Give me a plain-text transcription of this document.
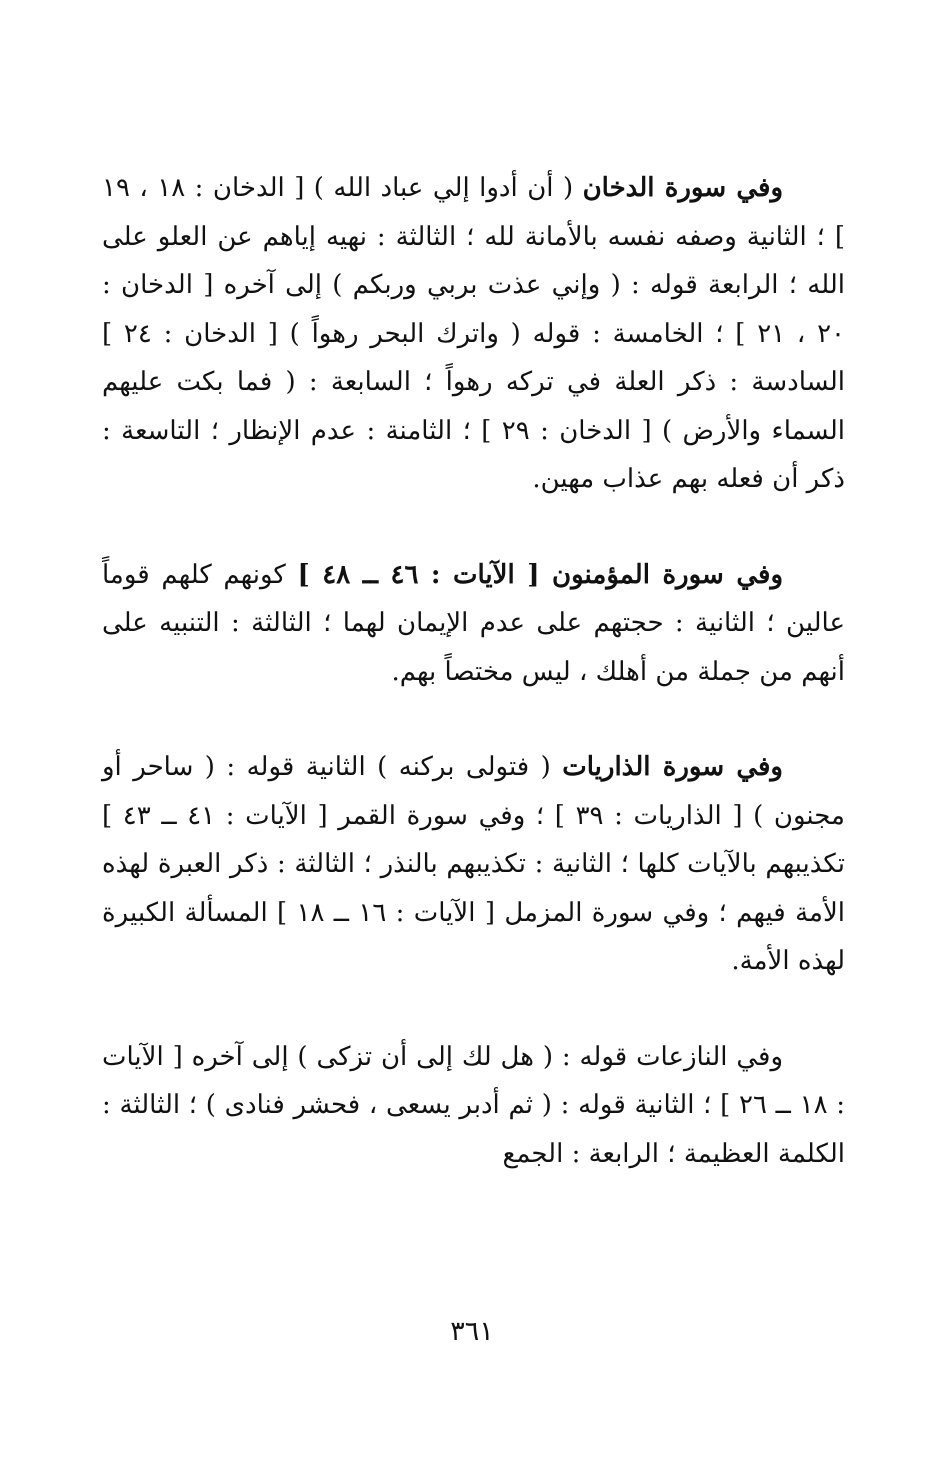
وفي سورة الدخان ( أن أدوا إلي عباد الله ) [ الدخان : ١٨ ، ١٩ ] ؛ الثانية وصفه نفسه بالأمانة لله ؛ الثالثة : نهيه إياهم عن العلو على الله ؛ الرابعة قوله : ( وإني عذت بربي وربكم ) إلى آخره [ الدخان : ٢٠ ، ٢١ ] ؛ الخامسة : قوله ( واترك البحر رهواً ) [ الدخان : ٢٤ ] السادسة : ذكر العلة في تركه رهواً ؛ السابعة : ( فما بكت عليهم السماء والأرض ) [ الدخان : ٢٩ ] ؛ الثامنة : عدم الإنظار ؛ التاسعة : ذكر أن فعله بهم عذاب مهين.

وفي سورة المؤمنون [ الآيات : ٤٦ ــ ٤٨ ] كونهم كلهم قوماً عالين ؛ الثانية : حجتهم على عدم الإيمان لهما ؛ الثالثة : التنبيه على أنهم من جملة من أهلك ، ليس مختصاً بهم.

وفي سورة الذاريات ( فتولى بركنه ) الثانية قوله : ( ساحر أو مجنون ) [ الذاريات : ٣٩ ] ؛ وفي سورة القمر [ الآيات : ٤١ ــ ٤٣ ] تكذيبهم بالآيات كلها ؛ الثانية : تكذيبهم بالنذر ؛ الثالثة : ذكر العبرة لهذه الأمة فيهم ؛ وفي سورة المزمل [ الآيات : ١٦ ــ ١٨ ] المسألة الكبيرة لهذه الأمة.

وفي النازعات قوله : ( هل لك إلى أن تزكى ) إلى آخره [ الآيات : ١٨ ــ ٢٦ ] ؛ الثانية قوله : ( ثم أدبر يسعى ، فحشر فنادى ) ؛ الثالثة : الكلمة العظيمة ؛ الرابعة : الجمع

٣٦١
